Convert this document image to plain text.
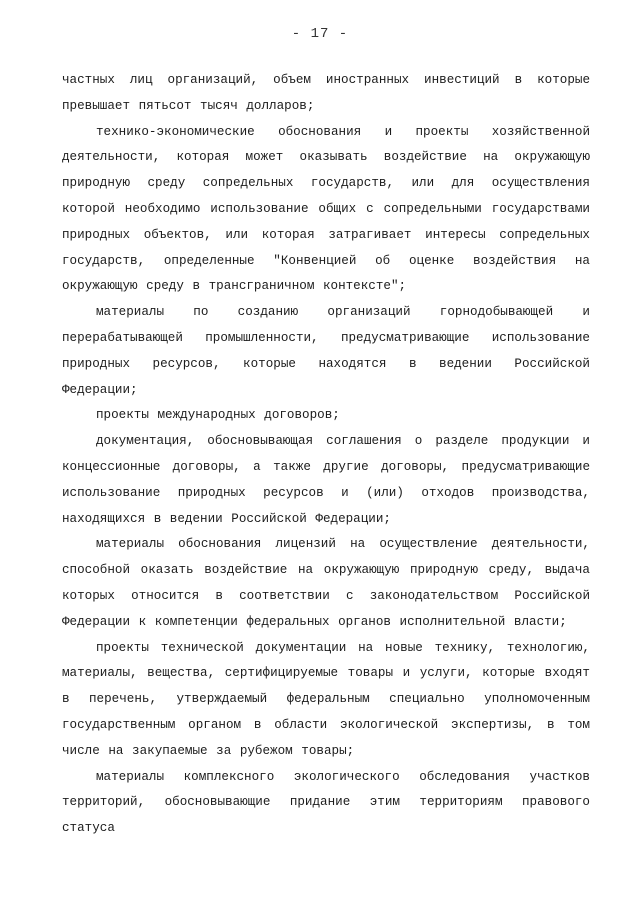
- 17 -

частных лиц организаций, объем иностранных инвестиций в которые превышает пятьсот тысяч долларов;

технико-экономические обоснования и проекты хозяйственной деятельности, которая может оказывать воздействие на окружающую природную среду сопредельных государств, или для осуществления которой необходимо использование общих с сопредельными государствами природных объектов, или которая затрагивает интересы сопредельных государств, определенные "Конвенцией об оценке воздействия на окружающую среду в трансграничном контексте";

материалы по созданию организаций горнодобывающей и перерабатывающей промышленности, предусматривающие использование природных ресурсов, которые находятся в ведении Российской Федерации;

проекты международных договоров;

документация, обосновывающая соглашения о разделе продукции и концессионные договоры, а также другие договоры, предусматривающие использование природных ресурсов и (или) отходов производства, находящихся в ведении Российской Федерации;

материалы обоснования лицензий на осуществление деятельности, способной оказать воздействие на окружающую природную среду, выдача которых относится в соответствии с законодательством Российской Федерации к компетенции федеральных органов исполнительной власти;

проекты технической документации на новые технику, технологию, материалы, вещества, сертифицируемые товары и услуги, которые входят в перечень, утверждаемый федеральным специально уполномоченным государственным органом в области экологической экспертизы, в том числе на закупаемые за рубежом товары;

материалы комплексного экологического обследования участков территорий, обосновывающие придание этим территориям правового статуса
